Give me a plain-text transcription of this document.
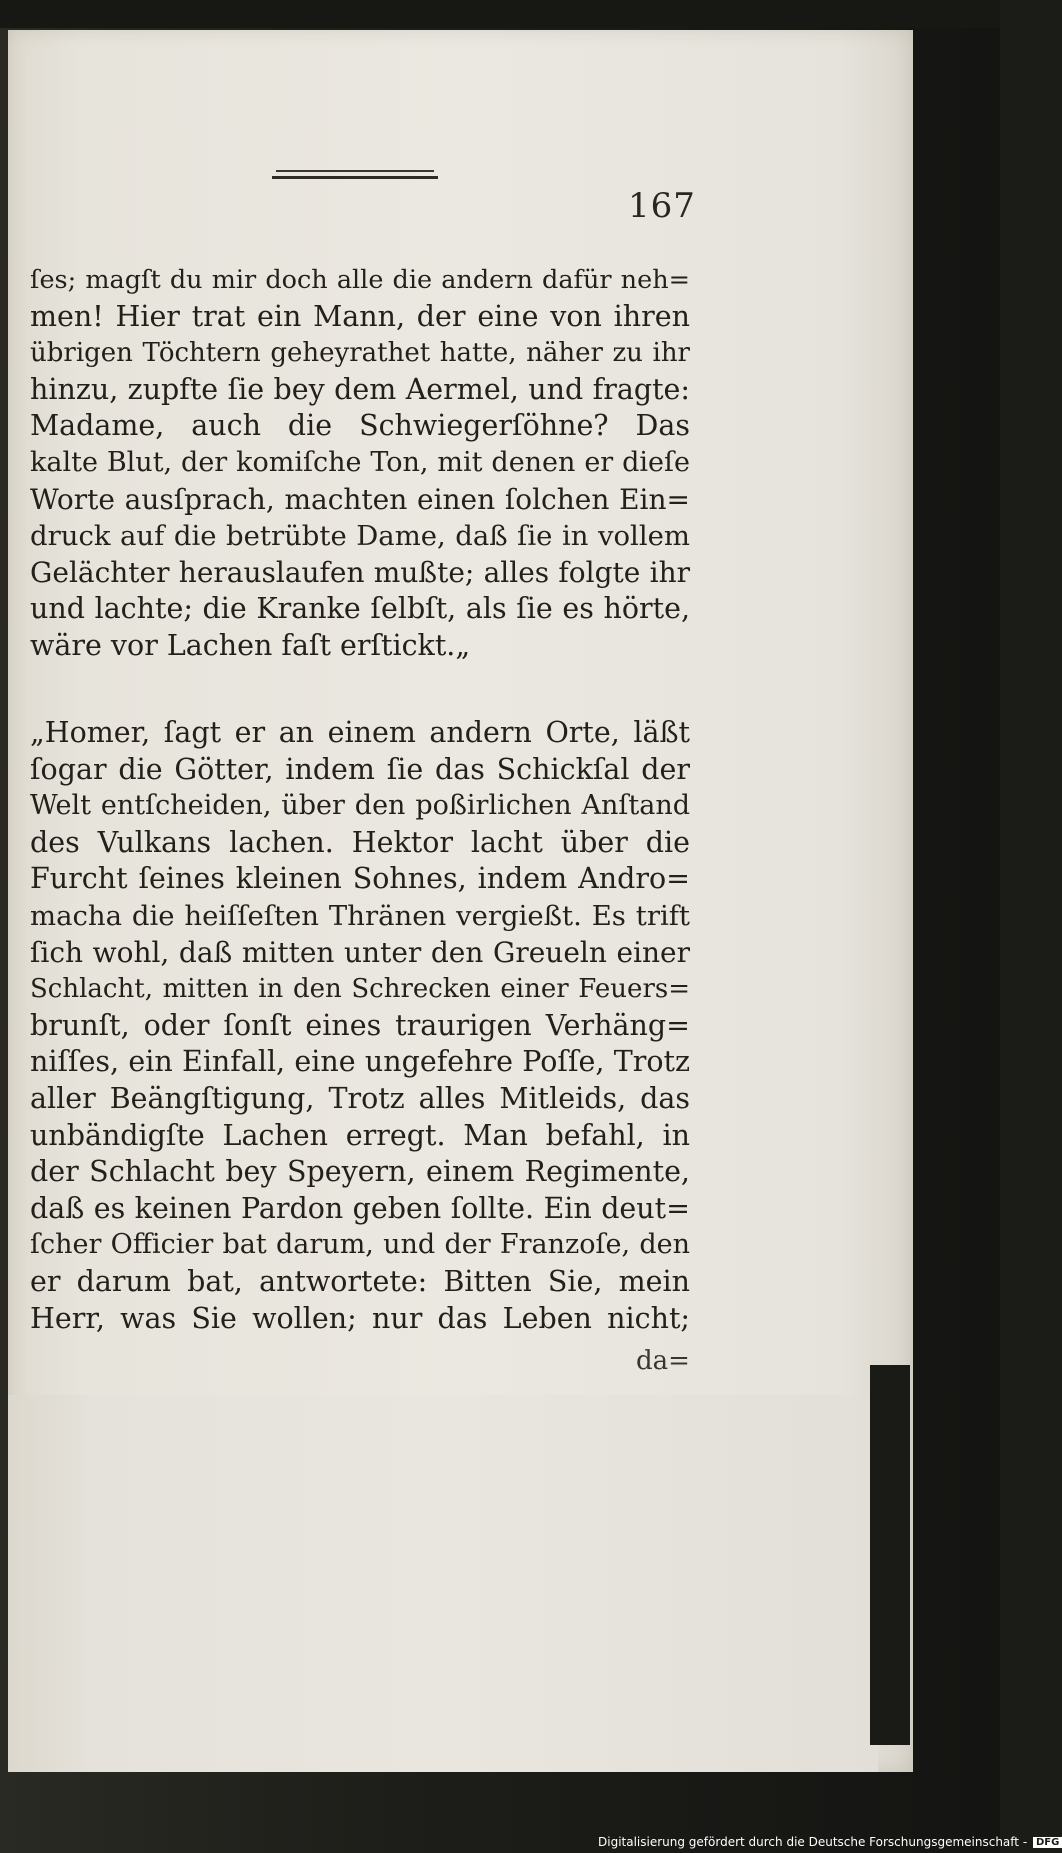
167
ſes; magſt du mir doch alle die andern dafür neh=
men! Hier trat ein Mann, der eine von ihren
übrigen Töchtern geheyrathet hatte, näher zu ihr
hinzu, zupfte ſie bey dem Aermel, und fragte:
Madame, auch die Schwiegerſöhne? Das
kalte Blut, der komiſche Ton, mit denen er dieſe
Worte ausſprach, machten einen ſolchen Ein=
druck auf die betrübte Dame, daß ſie in vollem
Gelächter herauslaufen mußte; alles folgte ihr
und lachte; die Kranke ſelbſt, als ſie es hörte,
wäre vor Lachen faſt erſtickt.„
„Homer, ſagt er an einem andern Orte, läßt
ſogar die Götter, indem ſie das Schickſal der
Welt entſcheiden, über den poßirlichen Anſtand
des Vulkans lachen. Hektor lacht über die
Furcht ſeines kleinen Sohnes, indem Andro=
macha die heiſſeſten Thränen vergießt. Es trift
ſich wohl, daß mitten unter den Greueln einer
Schlacht, mitten in den Schrecken einer Feuers=
brunſt, oder ſonſt eines traurigen Verhäng=
niſſes, ein Einfall, eine ungefehre Poſſe, Trotz
aller Beängſtigung, Trotz alles Mitleids, das
unbändigſte Lachen erregt. Man befahl, in
der Schlacht bey Speyern, einem Regimente,
daß es keinen Pardon geben ſollte. Ein deut=
ſcher Officier bat darum, und der Franzoſe, den
er darum bat, antwortete: Bitten Sie, mein
Herr, was Sie wollen; nur das Leben nicht;
da=
Digitalisierung gefördert durch die Deutsche Forschungsgemeinschaft - DFG
